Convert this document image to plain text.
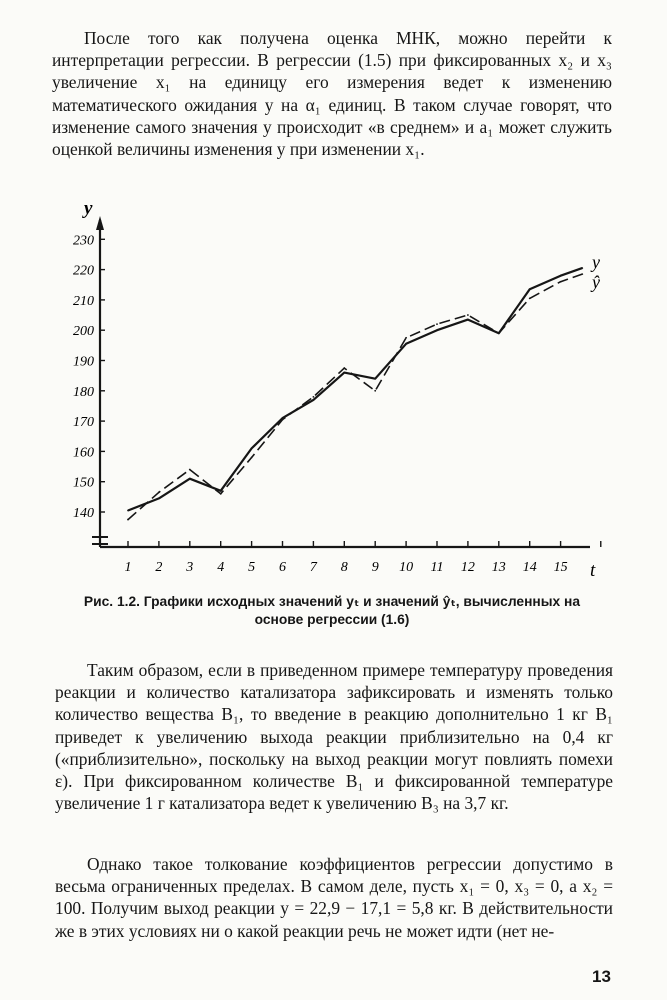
После того как получена оценка МНК, можно перейти к интерпретации регрессии. В регрессии (1.5) при фиксированных x₂ и x₃ увеличение x₁ на единицу его измерения ведет к изменению математического ожидания y на α₁ единиц. В таком случае говорят, что изменение самого значения y происходит «в среднем» и a₁ может служить оценкой величины изменения y при изменении x₁.

140
150
160
170
180
190
200
210
220
230
1 2 3 4 5 6 7 8 9 10 11 12 13 14 15
y
t
y
ŷ
Рис. 1.2. Графики исходных значений yₜ и значений ŷₜ, вычисленных на основе регрессии (1.6)

Таким образом, если в приведенном примере температуру проведения реакции и количество катализатора зафиксировать и изменять только количество вещества B₁, то введение в реакцию дополнительно 1 кг B₁ приведет к увеличению выхода реакции приблизительно на 0,4 кг («приблизительно», поскольку на выход реакции могут повлиять помехи ε). При фиксированном количестве B₁ и фиксированной температуре увеличение 1 г катализатора ведет к увеличению B₃ на 3,7 кг.

Однако такое толкование коэффициентов регрессии допустимо в весьма ограниченных пределах. В самом деле, пусть x₁ = 0, x₃ = 0, а x₂ = 100. Получим выход реакции y = 22,9 − 17,1 = 5,8 кг. В действительности же в этих условиях ни о какой реакции речь не может идти (нет не-

13
